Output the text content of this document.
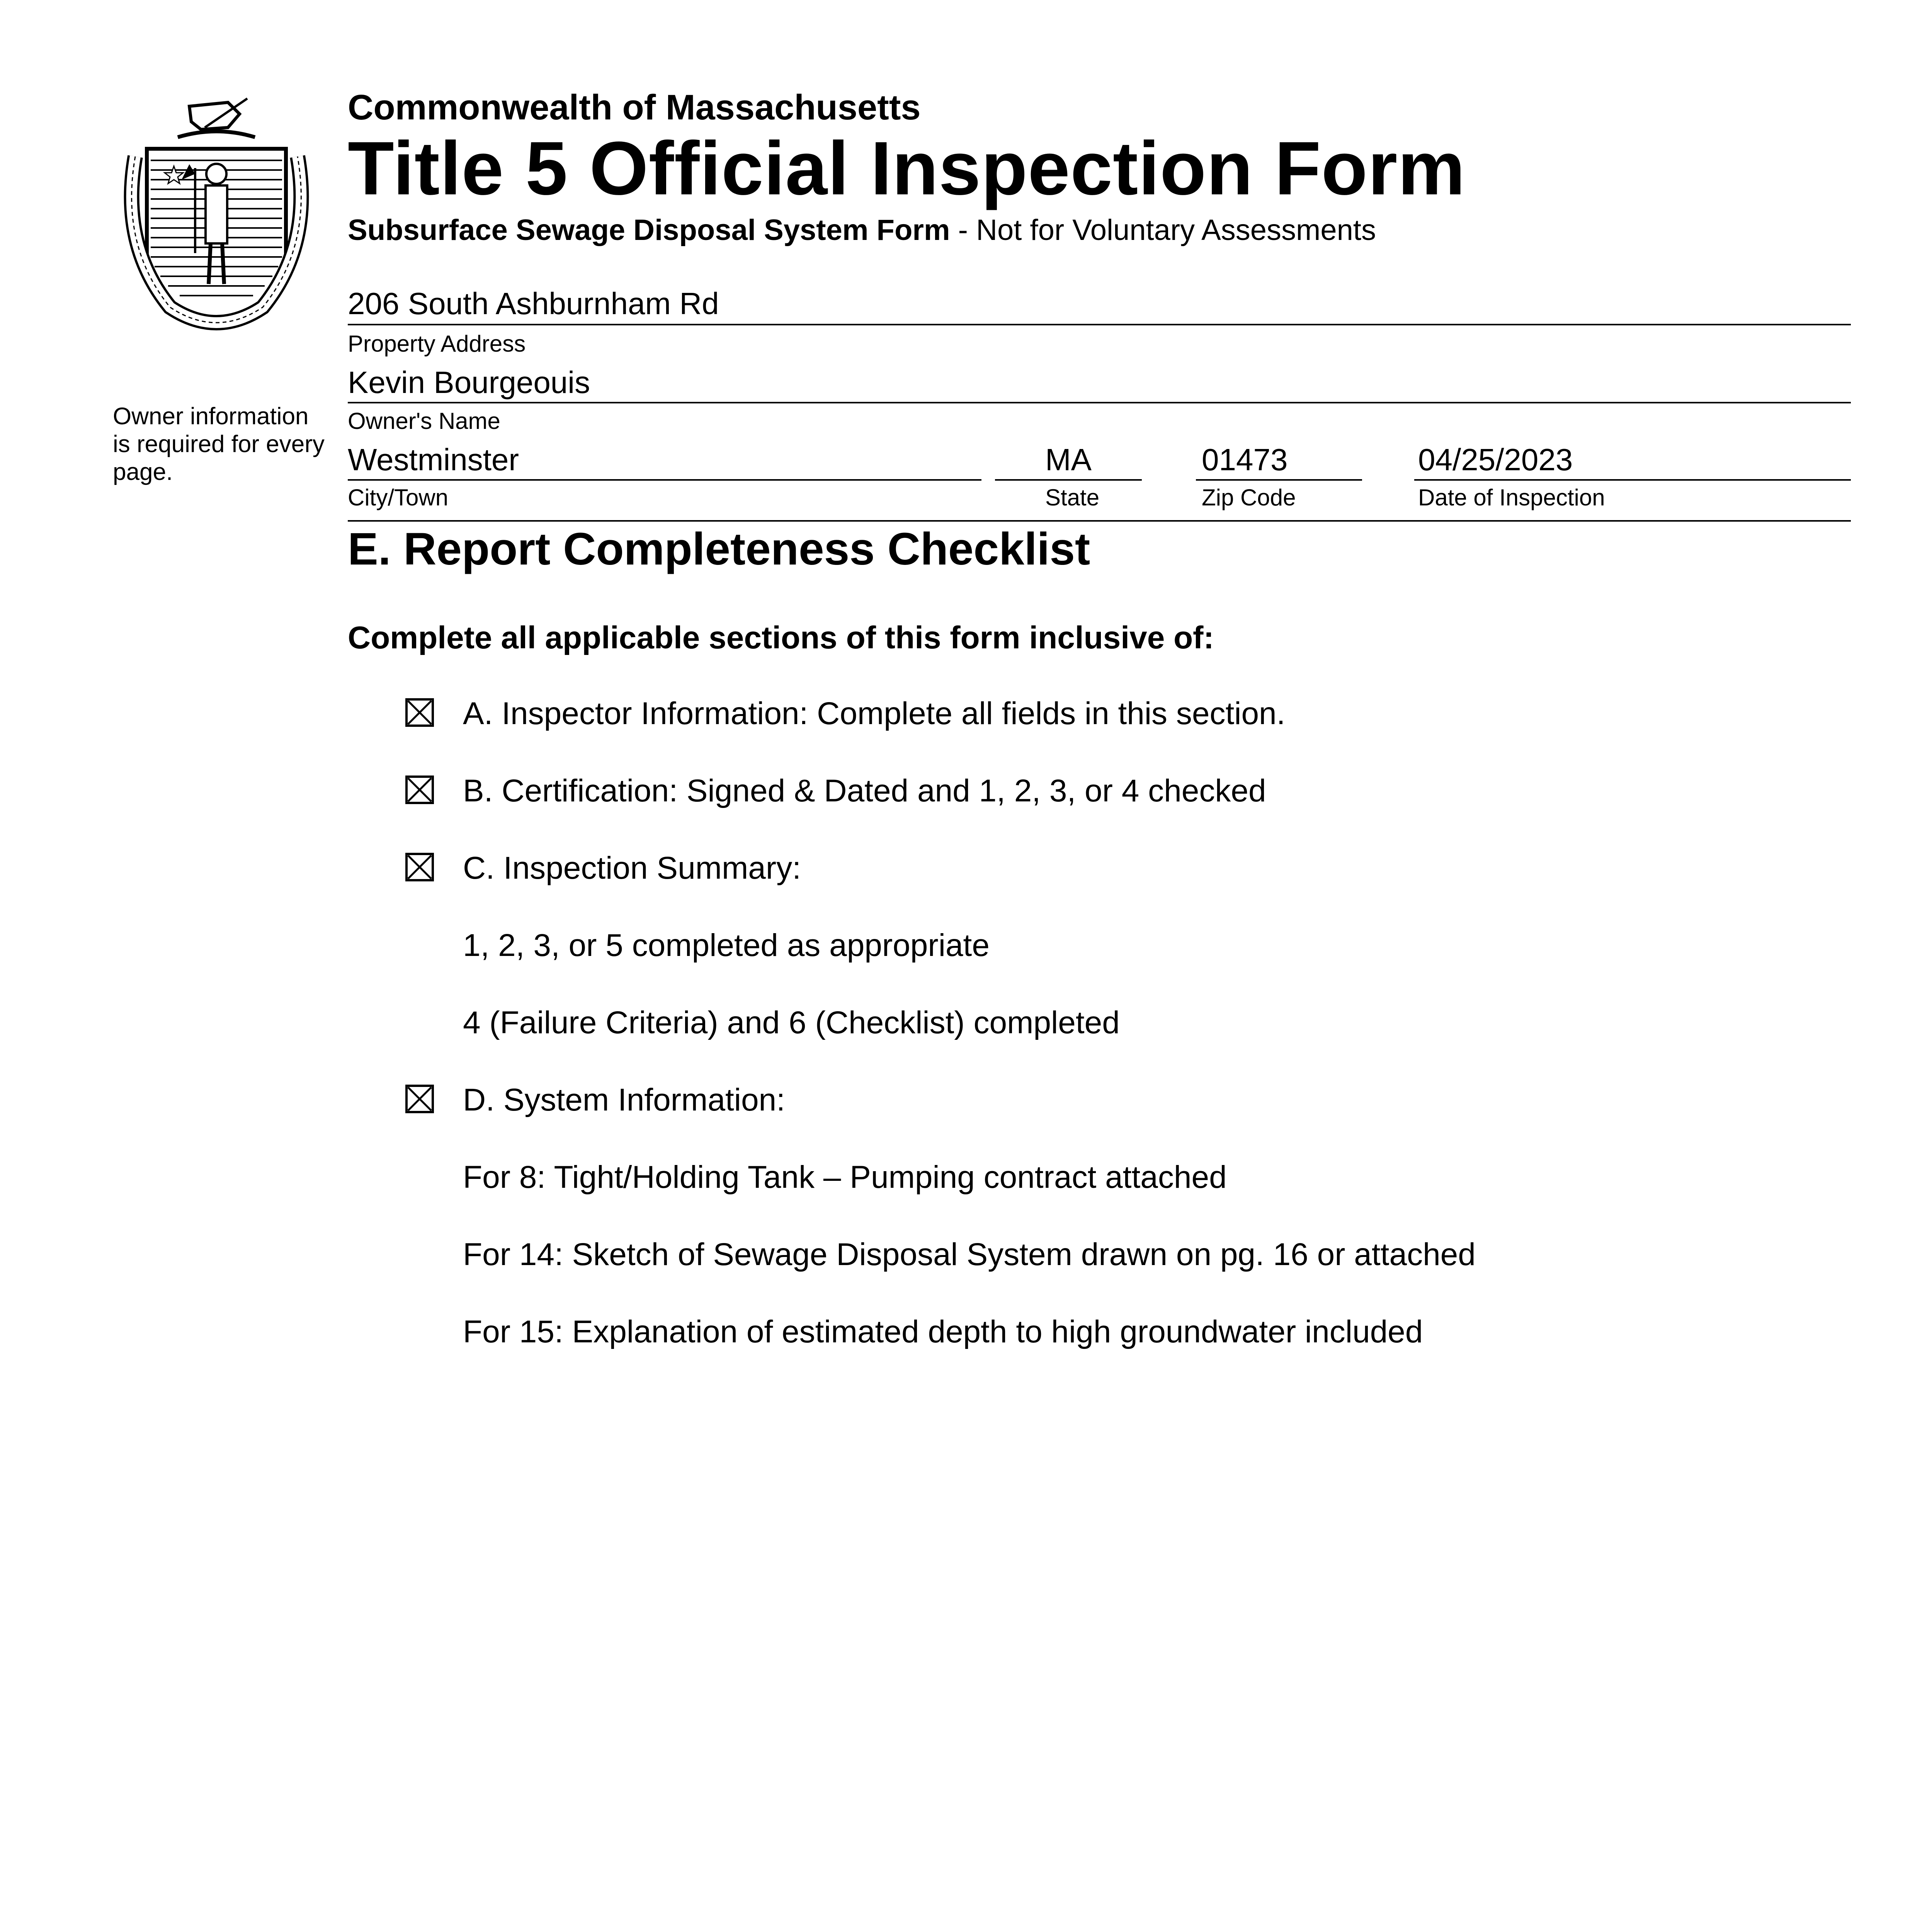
Commonwealth of Massachusetts
Title 5 Official Inspection Form
Subsurface Sewage Disposal System Form - Not for Voluntary Assessments
Owner information is required for every page.
206 South Ashburnham Rd
Property Address
Kevin Bourgeouis
Owner's Name
Westminster
City/Town
MA
State
01473
Zip Code
04/25/2023
Date of Inspection
E. Report Completeness Checklist
Complete all applicable sections of this form inclusive of:
A. Inspector Information: Complete all fields in this section.
B. Certification: Signed & Dated and 1, 2, 3, or 4 checked
C. Inspection Summary:
1, 2, 3, or 5 completed as appropriate
4 (Failure Criteria) and 6 (Checklist) completed
D. System Information:
For 8: Tight/Holding Tank – Pumping contract attached
For 14: Sketch of Sewage Disposal System drawn on pg. 16 or attached
For 15: Explanation of estimated depth to high groundwater included
